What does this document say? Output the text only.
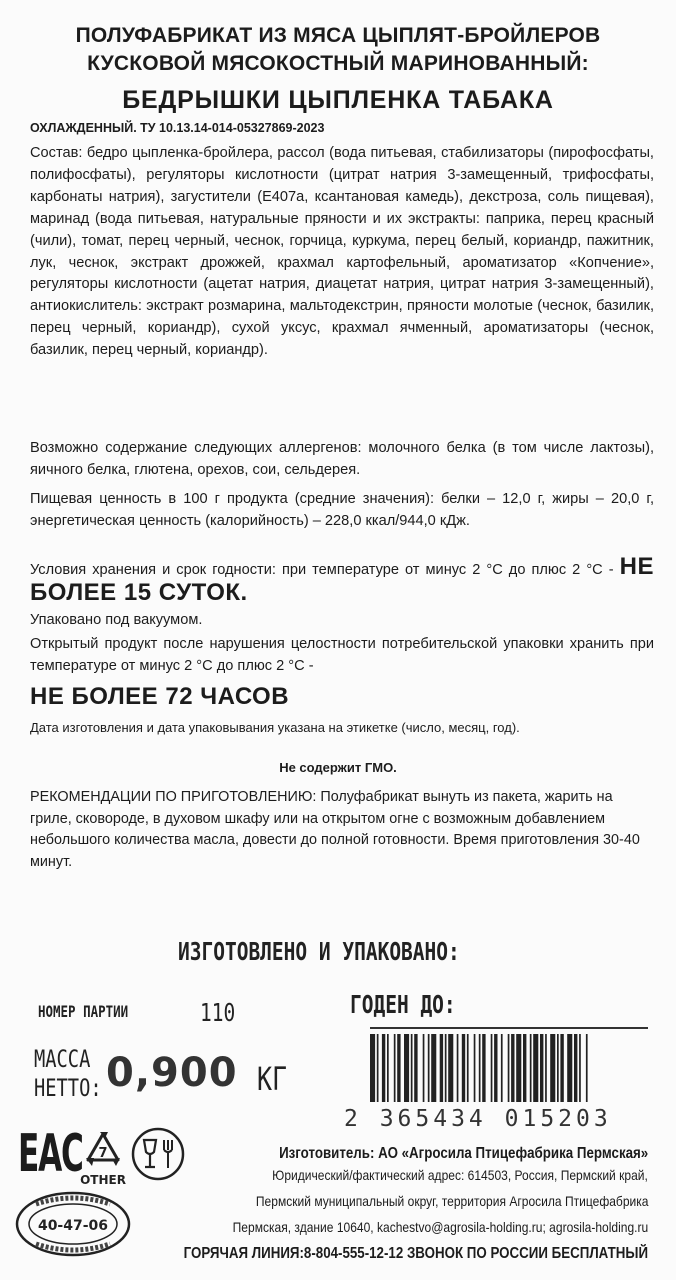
ПОЛУФАБРИКАТ ИЗ МЯСА ЦЫПЛЯТ-БРОЙЛЕРОВ
КУСКОВОЙ МЯСОКОСТНЫЙ МАРИНОВАННЫЙ:
БЕДРЫШКИ ЦЫПЛЕНКА ТАБАКА
ОХЛАЖДЕННЫЙ. ТУ 10.13.14-014-05327869-2023
Состав: бедро цыпленка-бройлера, рассол (вода питьевая, стабилизаторы (пирофосфаты, полифосфаты), регуляторы кислотности (цитрат натрия 3-замещенный, трифосфаты, карбонаты натрия), загустители (Е407а, ксантановая камедь), декстроза, соль пищевая), маринад (вода питьевая, натуральные пряности и их экстракты: паприка, перец красный (чили), томат, перец черный, чеснок, горчица, куркума, перец белый, кориандр, пажитник, лук, чеснок, экстракт дрожжей, крахмал картофельный, ароматизатор «Копчение», регуляторы кислотности (ацетат натрия, диацетат натрия, цитрат натрия 3-замещенный), антиокислитель: экстракт розмарина, мальтодекстрин, пряности молотые (чеснок, базилик, перец черный, кориандр), сухой уксус, крахмал ячменный, ароматизаторы (чеснок, базилик, перец черный, кориандр).
Возможно содержание следующих аллергенов: молочного белка (в том числе лактозы), яичного белка, глютена, орехов, сои, сельдерея.
Пищевая ценность в 100 г продукта (средние значения): белки – 12,0 г, жиры – 20,0 г, энергетическая ценность (калорийность) – 228,0 ккал/944,0 кДж.
Условия хранения и срок годности: при температуре от минус 2 °С до плюс 2 °С - НЕ БОЛЕЕ 15 СУТОК.
Упаковано под вакуумом.
Открытый продукт после нарушения целостности потребительской упаковки хранить при температуре от минус 2 °С до плюс 2 °С -
НЕ БОЛЕЕ 72 ЧАСОВ
Дата изготовления и дата упаковывания указана на этикетке (число, месяц, год).
Не содержит ГМО.
РЕКОМЕНДАЦИИ ПО ПРИГОТОВЛЕНИЮ: Полуфабрикат вынуть из пакета, жарить на гриле, сковороде, в духовом шкафу или на открытом огне с возможным добавлением небольшого количества масла, довести до полной готовности. Время приготовления 30-40 минут.
ИЗГОТОВЛЕНО И УПАКОВАНО:
НОМЕР ПАРТИИ	110	ГОДЕН ДО:
МАССА
НЕТТО: 0,900 КГ
2 365434 015203
ЕАС 7
OTHER
40-47-06
Изготовитель: АО «Агросила Птицефабрика Пермская»
Юридический/фактический адрес: 614503, Россия, Пермский край,
Пермский муниципальный округ, территория Агросила Птицефабрика
Пермская, здание 10640, kachestvo@agrosila-holding.ru; agrosila-holding.ru
ГОРЯЧАЯ ЛИНИЯ:8-804-555-12-12 ЗВОНОК ПО РОССИИ БЕСПЛАТНЫЙ
